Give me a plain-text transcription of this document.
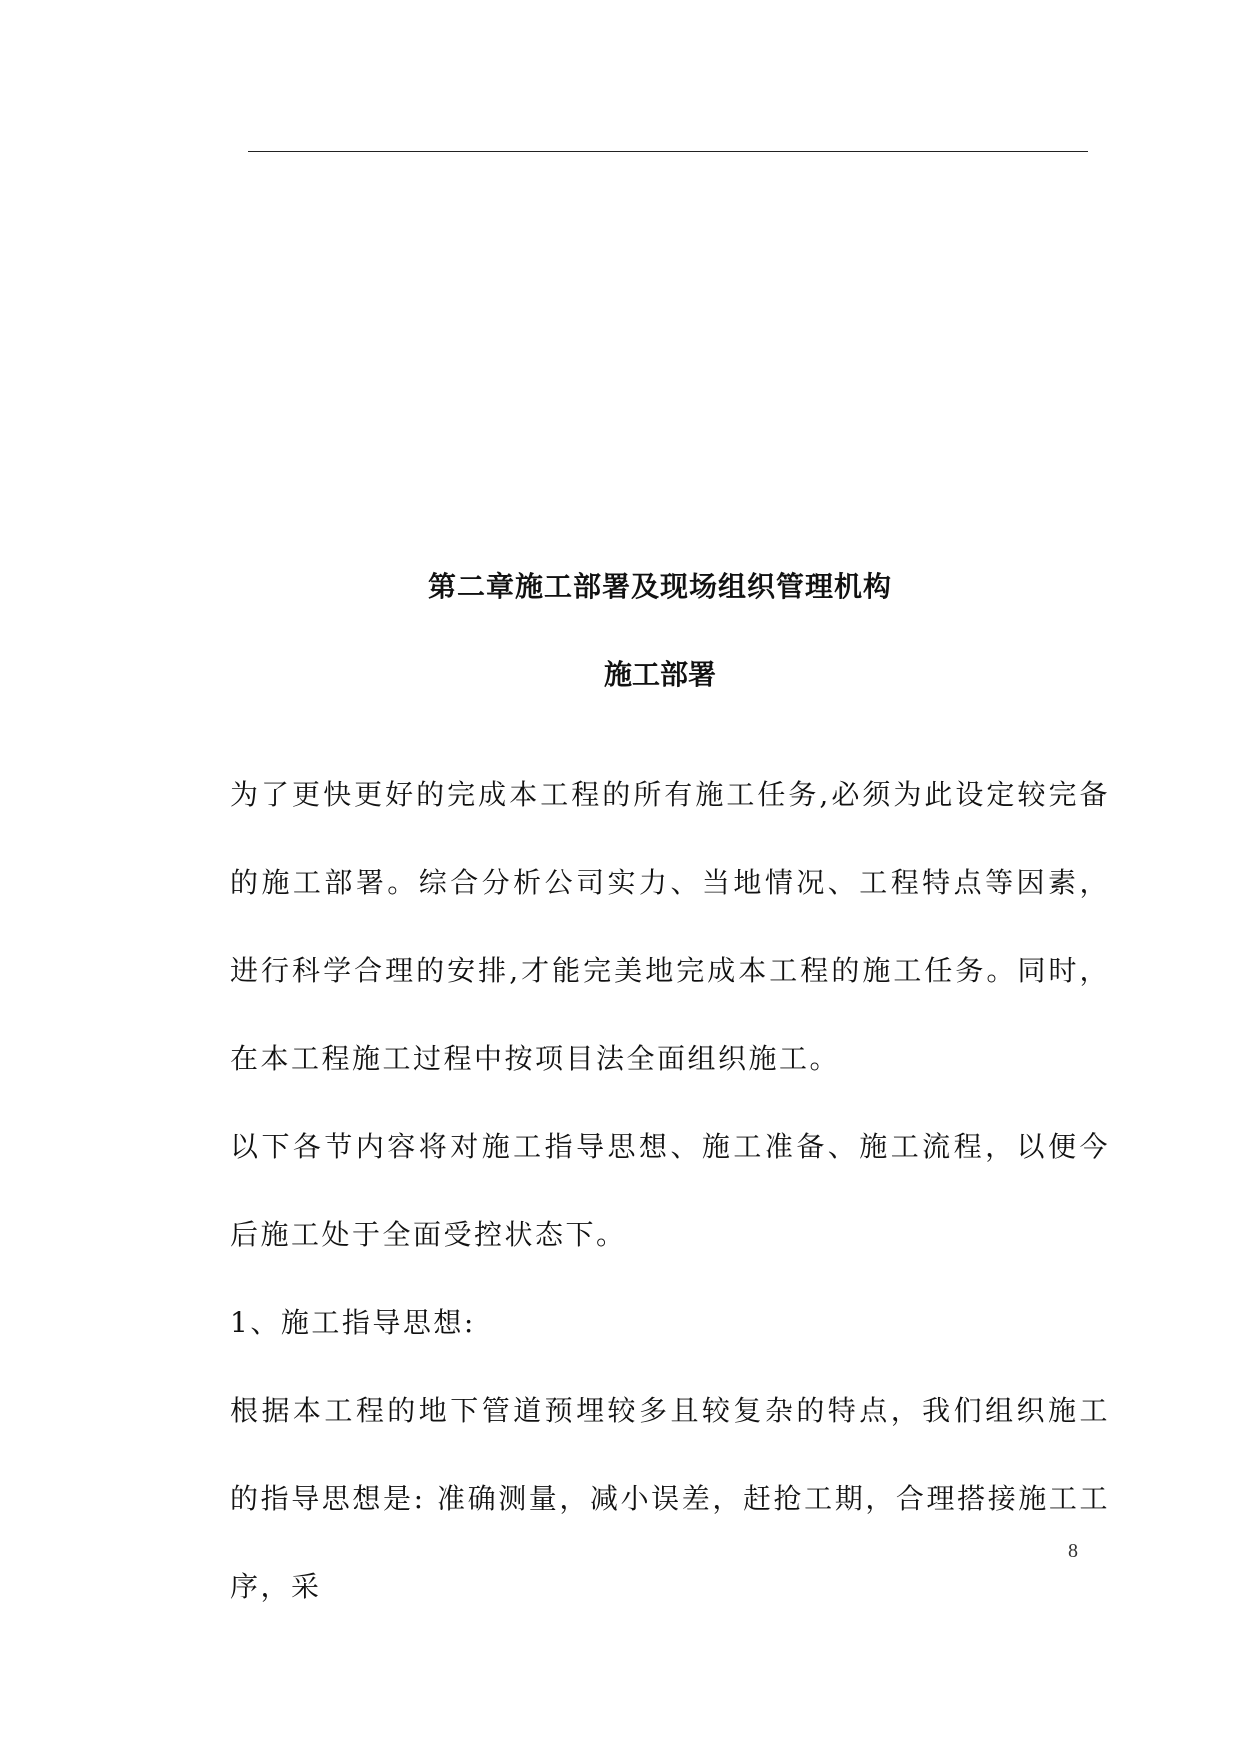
第二章施工部署及现场组织管理机构
施工部署

为了更快更好的完成本工程的所有施工任务,必须为此设定较完备的施工部署。综合分析公司实力、当地情况、工程特点等因素，进行科学合理的安排,才能完美地完成本工程的施工任务。同时，在本工程施工过程中按项目法全面组织施工。

以下各节内容将对施工指导思想、施工准备、施工流程，以便今后施工处于全面受控状态下。

1、施工指导思想:

根据本工程的地下管道预埋较多且较复杂的特点，我们组织施工的指导思想是: 准确测量，减小误差，赶抢工期，合理搭接施工工序，采

8
